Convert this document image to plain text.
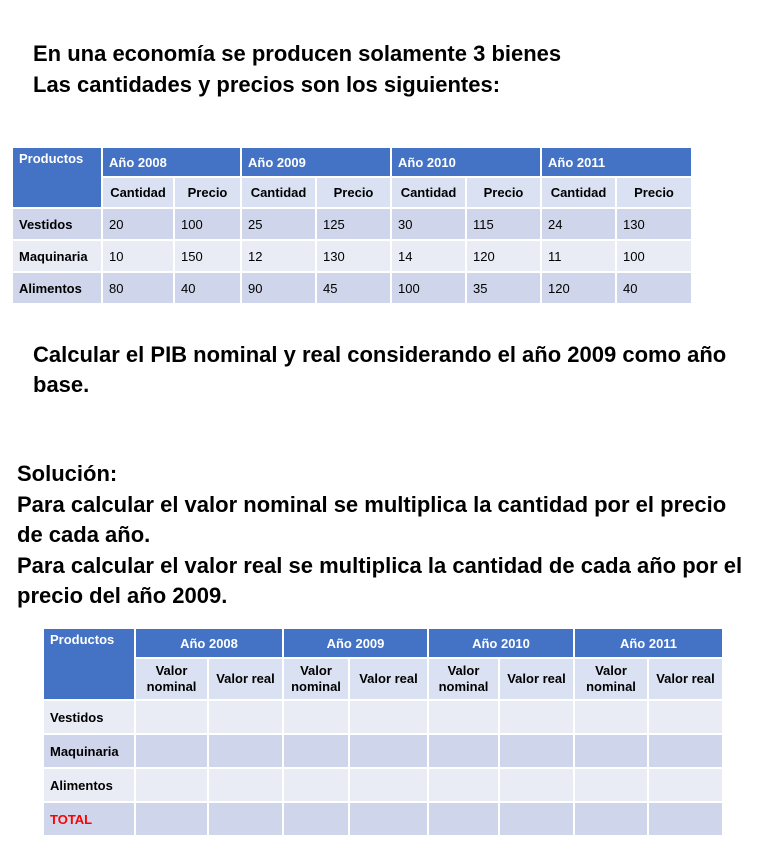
En una economía se producen solamente 3 bienes
Las cantidades y precios son los siguientes:
Productos	Año 2008		Año 2009		Año 2010		Año 2011	
	Cantidad	Precio	Cantidad	Precio	Cantidad	Precio	Cantidad	Precio
Vestidos	20	100	25	125	30	115	24	130
Maquinaria	10	150	12	130	14	120	11	100
Alimentos	80	40	90	45	100	35	120	40

Calcular el PIB nominal y real considerando el año 2009 como año base.

Solución:
Para calcular el valor nominal se multiplica la cantidad por el precio de cada año.
Para calcular el valor real se multiplica la cantidad de cada año por el precio del año 2009.
Productos	Año 2008		Año 2009		Año 2010		Año 2011	
	Valor nominal	Valor real	Valor nominal	Valor real	Valor nominal	Valor real	Valor nominal	Valor real
Vestidos								
Maquinaria								
Alimentos								
TOTAL								
